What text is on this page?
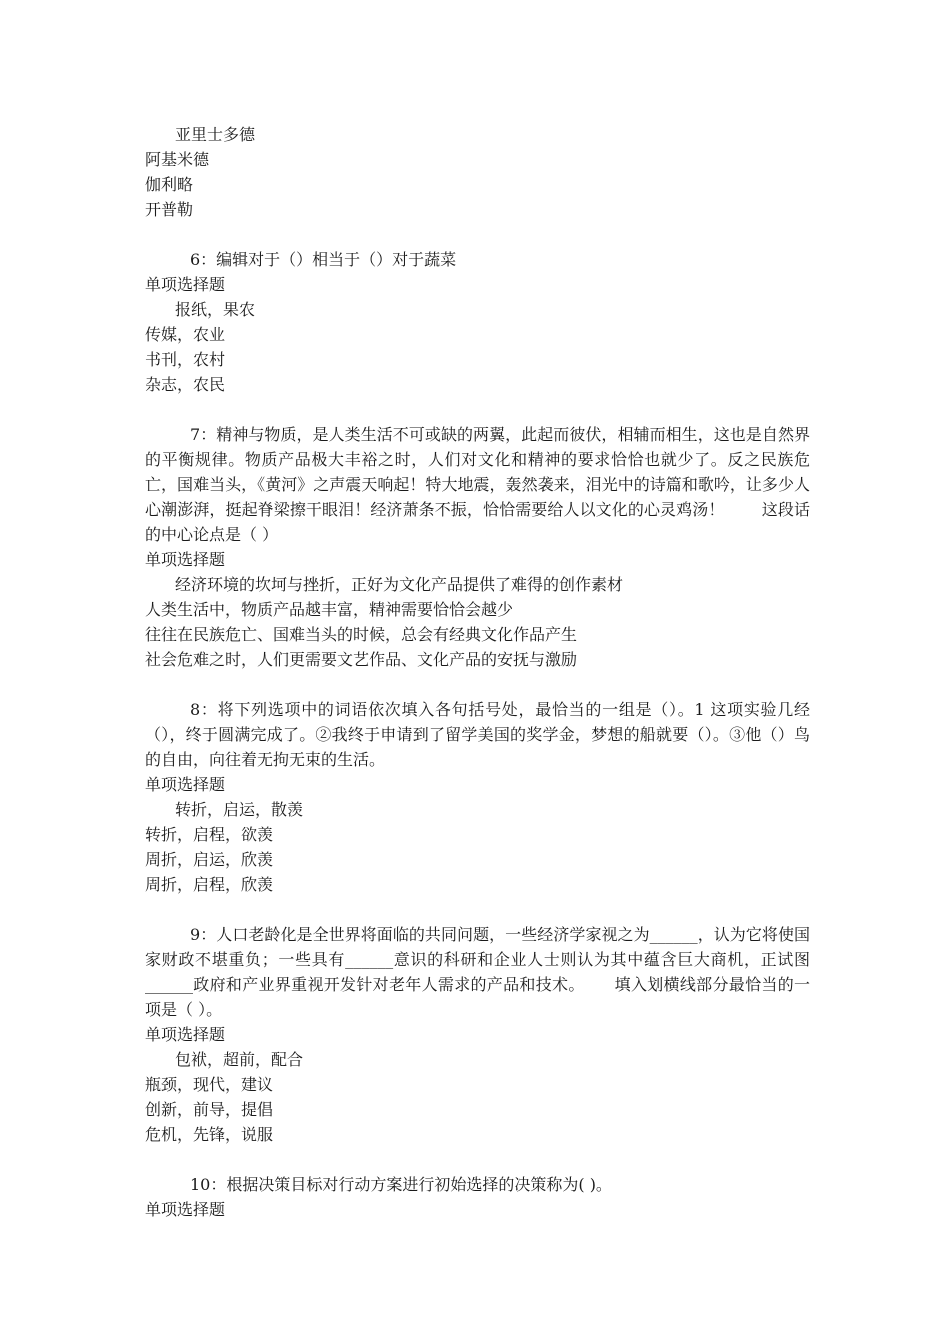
亚里士多德
阿基米德
伽利略
开普勒
6：编辑对于（）相当于（）对于蔬菜
单项选择题
报纸，果农
传媒，农业
书刊，农村
杂志，农民
7：精神与物质，是人类生活不可或缺的两翼，此起而彼伏，相辅而相生，这也是自然界的平衡规律。物质产品极大丰裕之时，人们对文化和精神的要求恰恰也就少了。反之民族危亡，国难当头，《黄河》之声震天响起！特大地震，轰然袭来，泪光中的诗篇和歌吟，让多少人心潮澎湃，挺起脊梁擦干眼泪！经济萧条不振，恰恰需要给人以文化的心灵鸡汤！　　 这段话的中心论点是（ ）
单项选择题
经济环境的坎坷与挫折，正好为文化产品提供了难得的创作素材
人类生活中，物质产品越丰富，精神需要恰恰会越少
往往在民族危亡、国难当头的时候，总会有经典文化作品产生
社会危难之时，人们更需要文艺作品、文化产品的安抚与激励
8：将下列选项中的词语依次填入各句括号处，最恰当的一组是（）。1 这项实验几经（），终于圆满完成了。②我终于申请到了留学美国的奖学金，梦想的船就要（）。③他（）鸟的自由，向往着无拘无束的生活。
单项选择题
转折，启运，散羡
转折，启程，欲羡
周折，启运，欣羡
周折，启程，欣羡
9：人口老龄化是全世界将面临的共同问题，一些经济学家视之为______，认为它将使国家财政不堪重负；一些具有______意识的科研和企业人士则认为其中蕴含巨大商机，正试图______政府和产业界重视开发针对老年人需求的产品和技术。　　 填入划横线部分最恰当的一项是（ ）。
单项选择题
包袱，超前，配合
瓶颈，现代，建议
创新，前导，提倡
危机，先锋，说服
10：根据决策目标对行动方案进行初始选择的决策称为( )。
单项选择题
